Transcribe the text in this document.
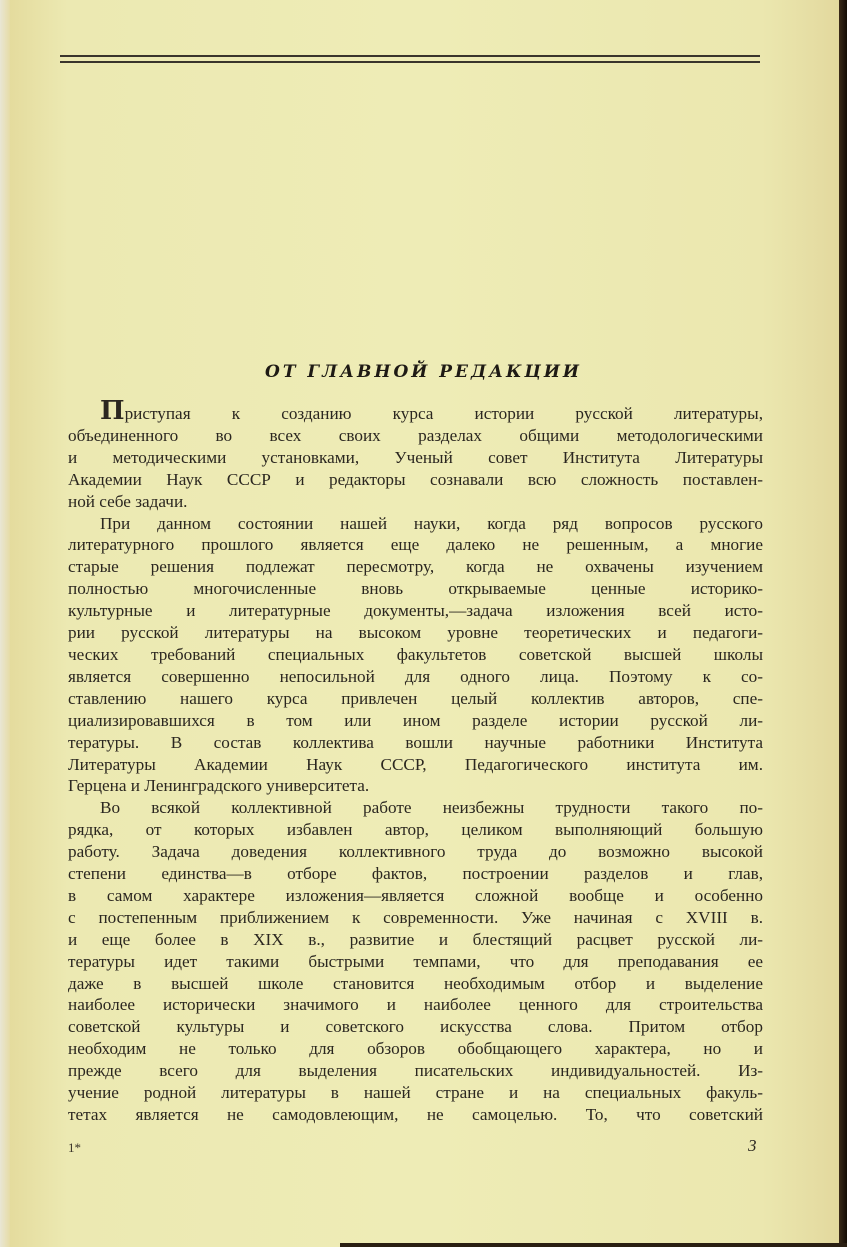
ОТ ГЛАВНОЙ РЕДАКЦИИ
Приступая к созданию курса истории русской литературы,
объединенного во всех своих разделах общими методологическими
и методическими установками, Ученый совет Института Литературы
Академии Наук СССР и редакторы сознавали всю сложность поставлен-
ной себе задачи.
При данном состоянии нашей науки, когда ряд вопросов русского
литературного прошлого является еще далеко не решенным, а многие
старые решения подлежат пересмотру, когда не охвачены изучением
полностью многочисленные вновь открываемые ценные историко-
культурные и литературные документы,—задача изложения всей исто-
рии русской литературы на высоком уровне теоретических и педагоги-
ческих требований специальных факультетов советской высшей школы
является совершенно непосильной для одного лица. Поэтому к со-
ставлению нашего курса привлечен целый коллектив авторов, спе-
циализировавшихся в том или ином разделе истории русской ли-
тературы. В состав коллектива вошли научные работники Института
Литературы Академии Наук СССР, Педагогического института им.
Герцена и Ленинградского университета.
Во всякой коллективной работе неизбежны трудности такого по-
рядка, от которых избавлен автор, целиком выполняющий большую
работу. Задача доведения коллективного труда до возможно высокой
степени единства—в отборе фактов, построении разделов и глав,
в самом характере изложения—является сложной вообще и особенно
с постепенным приближением к современности. Уже начиная с XVIII в.
и еще более в XIX в., развитие и блестящий расцвет русской ли-
тературы идет такими быстрыми темпами, что для преподавания ее
даже в высшей школе становится необходимым отбор и выделение
наиболее исторически значимого и наиболее ценного для строительства
советской культуры и советского искусства слова. Притом отбор
необходим не только для обзоров обобщающего характера, но и
прежде всего для выделения писательских индивидуальностей. Из-
учение родной литературы в нашей стране и на специальных факуль-
тетах является не самодовлеющим, не самоцелью. То, что советский
1*	3
